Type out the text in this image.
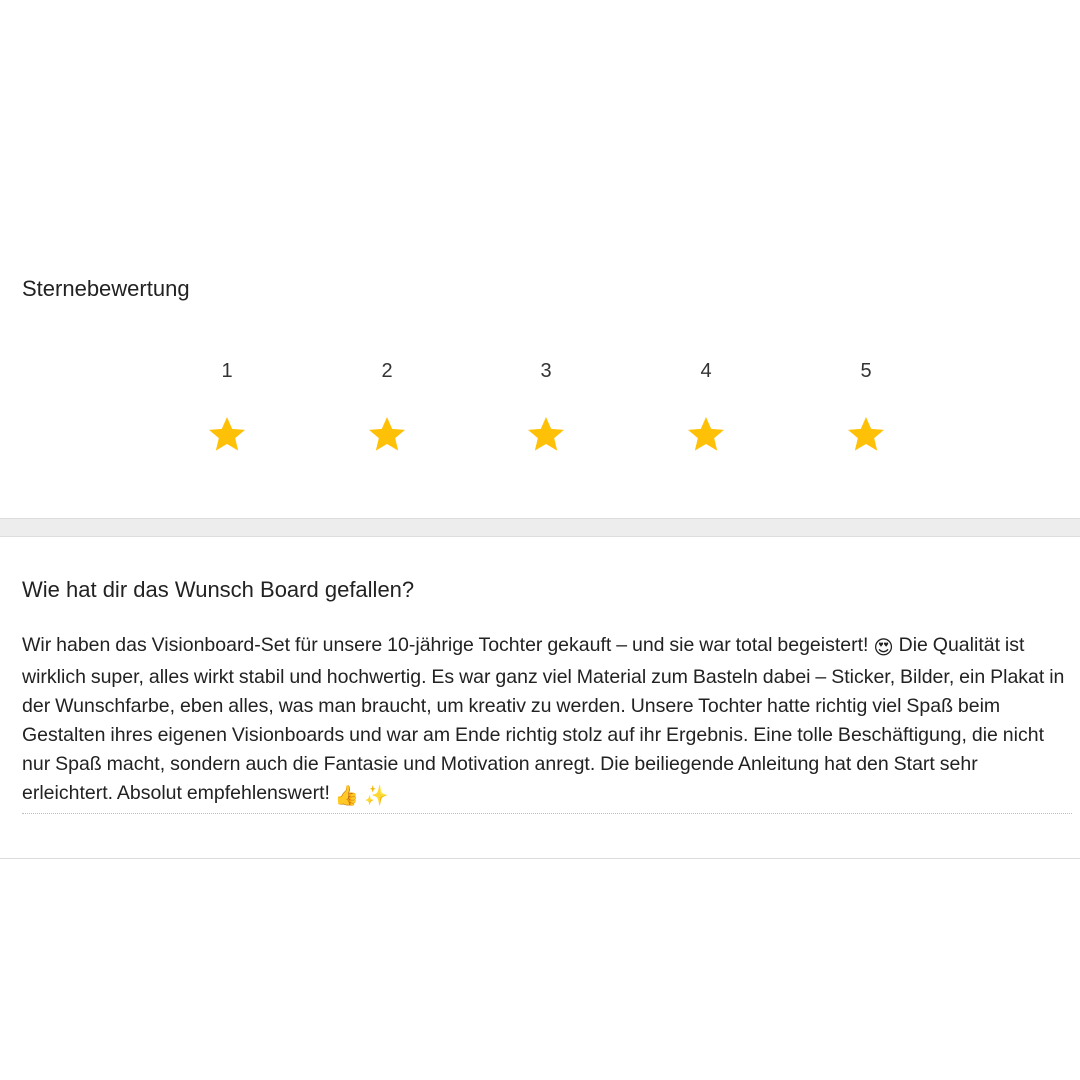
Sternebewertung
1	2	3	4	5
Wie hat dir das Wunsch Board gefallen?
Wir haben das Visionboard-Set für unsere 10-jährige Tochter gekauft – und sie war total begeistert! 😍 Die Qualität ist wirklich super, alles wirkt stabil und hochwertig. Es war ganz viel Material zum Basteln dabei – Sticker, Bilder, ein Plakat in der Wunschfarbe, eben alles, was man braucht, um kreativ zu werden. Unsere Tochter hatte richtig viel Spaß beim Gestalten ihres eigenen Visionboards und war am Ende richtig stolz auf ihr Ergebnis. Eine tolle Beschäftigung, die nicht nur Spaß macht, sondern auch die Fantasie und Motivation anregt. Die beiliegende Anleitung hat den Start sehr erleichtert. Absolut empfehlenswert! 👍 ✨
